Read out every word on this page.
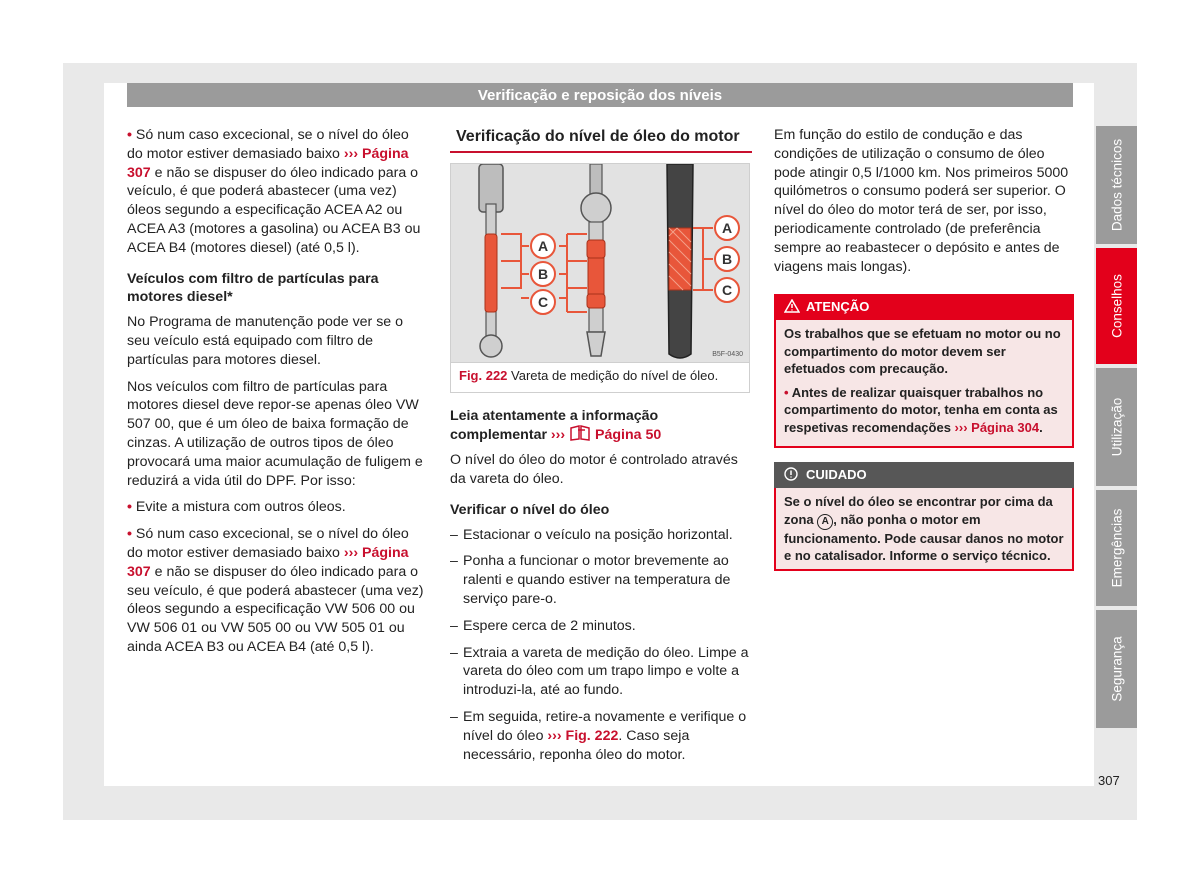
Verificação e reposição dos níveis

• Só num caso excecional, se o nível do óleo do motor estiver demasiado baixo ››› Página 307 e não se dispuser do óleo indicado para o veículo, é que poderá abastecer (uma vez) óleos segundo a especificação ACEA A2 ou ACEA A3 (motores a gasolina) ou ACEA B3 ou ACEA B4 (motores diesel) (até 0,5 l).

Veículos com filtro de partículas para motores diesel*

No Programa de manutenção pode ver se o seu veículo está equipado com filtro de partículas para motores diesel.

Nos veículos com filtro de partículas para motores diesel deve repor-se apenas óleo VW 507 00, que é um óleo de baixa formação de cinzas. A utilização de outros tipos de óleo provocará uma maior acumulação de fuligem e reduzirá a vida útil do DPF. Por isso:

• Evite a mistura com outros óleos.

• Só num caso excecional, se o nível do óleo do motor estiver demasiado baixo ››› Página 307 e não se dispuser do óleo indicado para o seu veículo, é que poderá abastecer (uma vez) óleos segundo a especificação VW 506 00 ou VW 506 01 ou VW 505 00 ou VW 505 01 ou ainda ACEA B3 ou ACEA B4 (até 0,5 l).

Verificação do nível de óleo do motor
A
B
C
A
B
C
B5F-0430
Fig. 222 Vareta de medição do nível de óleo.

Leia atentamente a informação complementar ››› Página 50

O nível do óleo do motor é controlado através da vareta do óleo.

Verificar o nível do óleo
– Estacionar o veículo na posição horizontal.
– Ponha a funcionar o motor brevemente ao ralenti e quando estiver na temperatura de serviço pare-o.
– Espere cerca de 2 minutos.
– Extraia a vareta de medição do óleo. Limpe a vareta do óleo com um trapo limpo e volte a introduzi-la, até ao fundo.
– Em seguida, retire-a novamente e verifique o nível do óleo ››› Fig. 222. Caso seja necessário, reponha óleo do motor.

Em função do estilo de condução e das condições de utilização o consumo de óleo pode atingir 0,5 l/1000 km. Nos primeiros 5000 quilómetros o consumo poderá ser superior. O nível do óleo do motor terá de ser, por isso, periodicamente controlado (de preferência sempre ao reabastecer o depósito e antes de viagens mais longas).

ATENÇÃO

Os trabalhos que se efetuam no motor ou no compartimento do motor devem ser efetuados com precaução.

• Antes de realizar quaisquer trabalhos no compartimento do motor, tenha em conta as respetivas recomendações ››› Página 304.

CUIDADO
Se o nível do óleo se encontrar por cima da zona A , não ponha o motor em funcionamento. Pode causar danos no motor e no catalisador. Informe o serviço técnico.
Dados técnicos
Conselhos
Utilização
Emergências
Segurança
307
